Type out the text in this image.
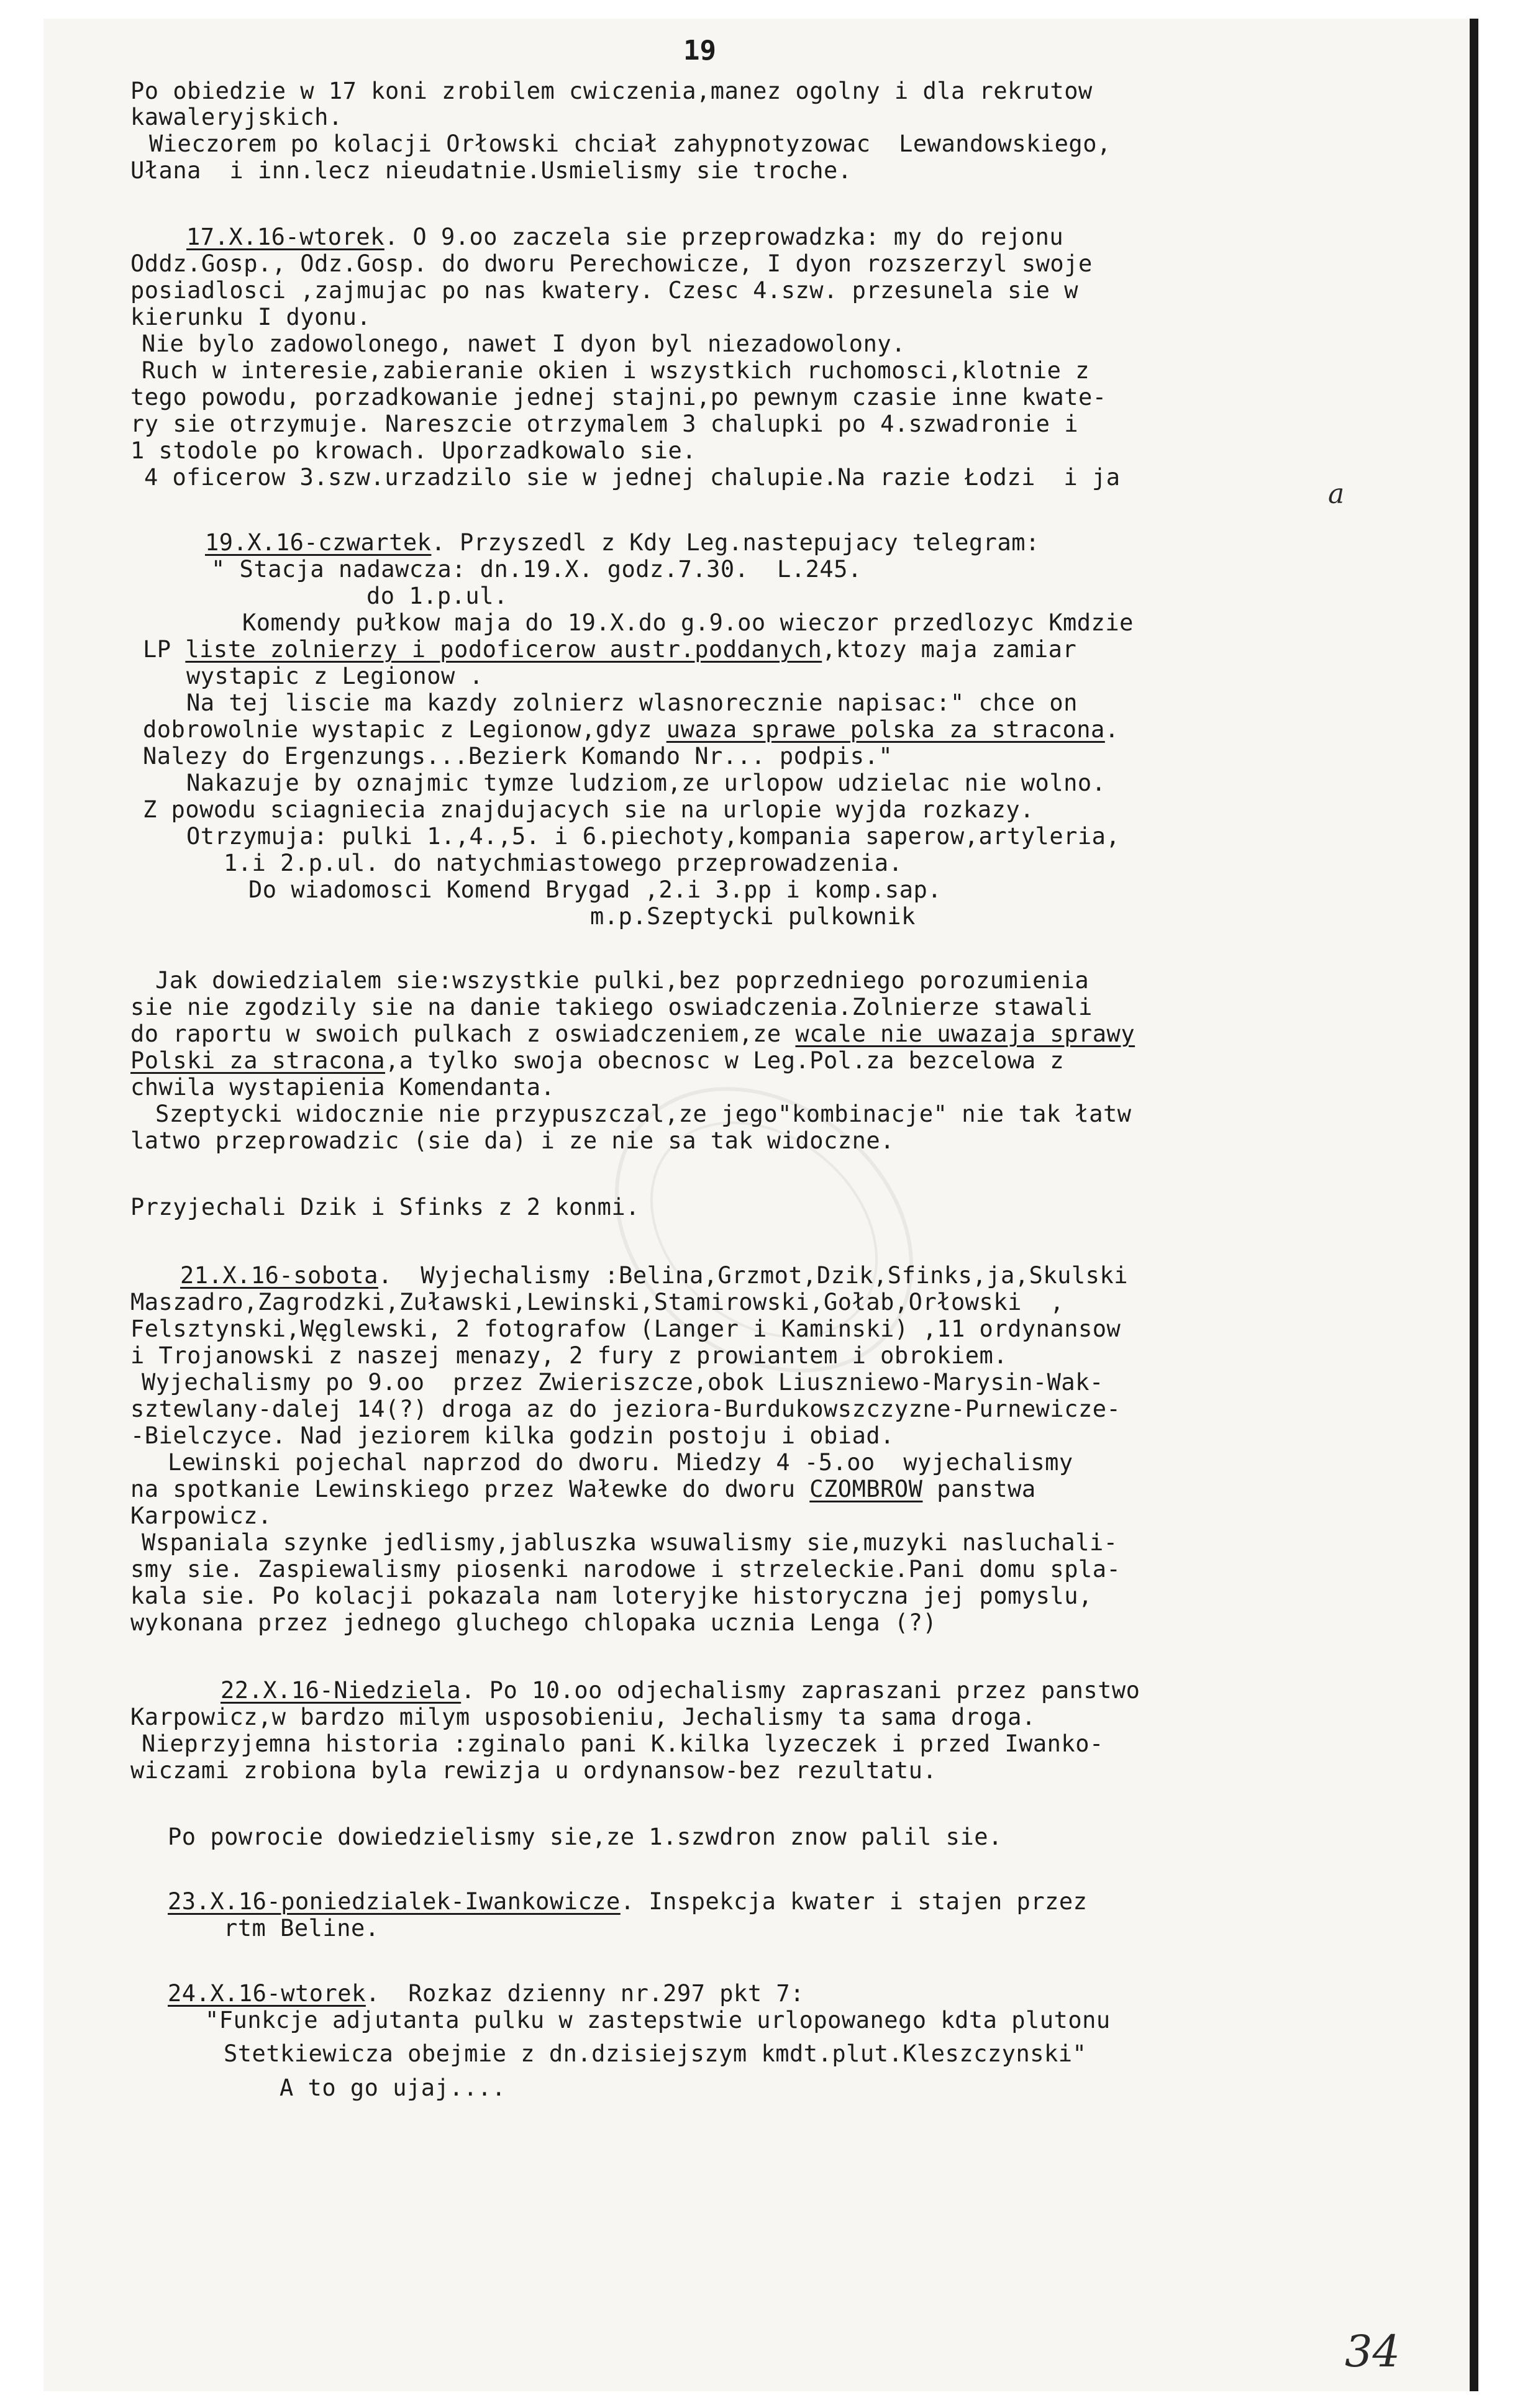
19
Po obiedzie w 17 koni zrobilem cwiczenia,manez ogolny i dla rekrutow
kawaleryjskich.
Wieczorem po kolacji Orłowski chciał zahypnotyzowac  Lewandowskiego,
Ułana  i inn.lecz nieudatnie.Usmielismy sie troche.
17.X.16-wtorek. O 9.oo zaczela sie przeprowadzka: my do rejonu
Oddz.Gosp., Odz.Gosp. do dworu Perechowicze, I dyon rozszerzyl swoje
posiadlosci ,zajmujac po nas kwatery. Czesc 4.szw. przesunela sie w
kierunku I dyonu.
Nie bylo zadowolonego, nawet I dyon byl niezadowolony.
Ruch w interesie,zabieranie okien i wszystkich ruchomosci,klotnie z
tego powodu, porzadkowanie jednej stajni,po pewnym czasie inne kwate-
ry sie otrzymuje. Nareszcie otrzymalem 3 chalupki po 4.szwadronie i
1 stodole po krowach. Uporzadkowalo sie.
4 oficerow 3.szw.urzadzilo sie w jednej chalupie.Na razie Łodzi  i ja
19.X.16-czwartek. Przyszedl z Kdy Leg.nastepujacy telegram:
" Stacja nadawcza: dn.19.X. godz.7.30.  L.245.
do 1.p.ul.
Komendy pułkow maja do 19.X.do g.9.oo wieczor przedlozyc Kmdzie
LP liste zolnierzy i podoficerow austr.poddanych,ktozy maja zamiar
wystapic z Legionow .
Na tej liscie ma kazdy zolnierz wlasnorecznie napisac:" chce on
dobrowolnie wystapic z Legionow,gdyz uwaza sprawe polska za stracona.
Nalezy do Ergenzungs...Bezierk Komando Nr... podpis."
Nakazuje by oznajmic tymze ludziom,ze urlopow udzielac nie wolno.
Z powodu sciagniecia znajdujacych sie na urlopie wyjda rozkazy.
Otrzymuja: pulki 1.,4.,5. i 6.piechoty,kompania saperow,artyleria,
1.i 2.p.ul. do natychmiastowego przeprowadzenia.
Do wiadomosci Komend Brygad ,2.i 3.pp i komp.sap.
m.p.Szeptycki pulkownik
Jak dowiedzialem sie:wszystkie pulki,bez poprzedniego porozumienia
sie nie zgodzily sie na danie takiego oswiadczenia.Zolnierze stawali
do raportu w swoich pulkach z oswiadczeniem,ze wcale nie uwazaja sprawy
Polski za stracona,a tylko swoja obecnosc w Leg.Pol.za bezcelowa z
chwila wystapienia Komendanta.
Szeptycki widocznie nie przypuszczal,ze jego"kombinacje" nie tak łatw
latwo przeprowadzic (sie da) i ze nie sa tak widoczne.
Przyjechali Dzik i Sfinks z 2 konmi.
21.X.16-sobota.  Wyjechalismy :Belina,Grzmot,Dzik,Sfinks,ja,Skulski
Maszadro,Zagrodzki,Zuławski,Lewinski,Stamirowski,Gołab,Orłowski  ,
Felsztynski,Węglewski, 2 fotografow (Langer i Kaminski) ,11 ordynansow
i Trojanowski z naszej menazy, 2 fury z prowiantem i obrokiem.
Wyjechalismy po 9.oo  przez Zwieriszcze,obok Liuszniewo-Marysin-Wak-
sztewlany-dalej 14(?) droga az do jeziora-Burdukowszczyzne-Purnewicze-
-Bielczyce. Nad jeziorem kilka godzin postoju i obiad.
Lewinski pojechal naprzod do dworu. Miedzy 4 -5.oo  wyjechalismy
na spotkanie Lewinskiego przez Wałewke do dworu CZOMBROW panstwa
Karpowicz.
Wspaniala szynke jedlismy,jabluszka wsuwalismy sie,muzyki nasluchali-
smy sie. Zaspiewalismy piosenki narodowe i strzeleckie.Pani domu spla-
kala sie. Po kolacji pokazala nam loteryjke historyczna jej pomyslu,
wykonana przez jednego gluchego chlopaka ucznia Lenga (?)
22.X.16-Niedziela. Po 10.oo odjechalismy zapraszani przez panstwo
Karpowicz,w bardzo milym usposobieniu, Jechalismy ta sama droga.
Nieprzyjemna historia :zginalo pani K.kilka lyzeczek i przed Iwanko-
wiczami zrobiona byla rewizja u ordynansow-bez rezultatu.
Po powrocie dowiedzielismy sie,ze 1.szwdron znow palil sie.
23.X.16-poniedzialek-Iwankowicze. Inspekcja kwater i stajen przez
rtm Beline.
24.X.16-wtorek.  Rozkaz dzienny nr.297 pkt 7:
"Funkcje adjutanta pulku w zastepstwie urlopowanego kdta plutonu
Stetkiewicza obejmie z dn.dzisiejszym kmdt.plut.Kleszczynski"
A to go ujaj....
34
a
